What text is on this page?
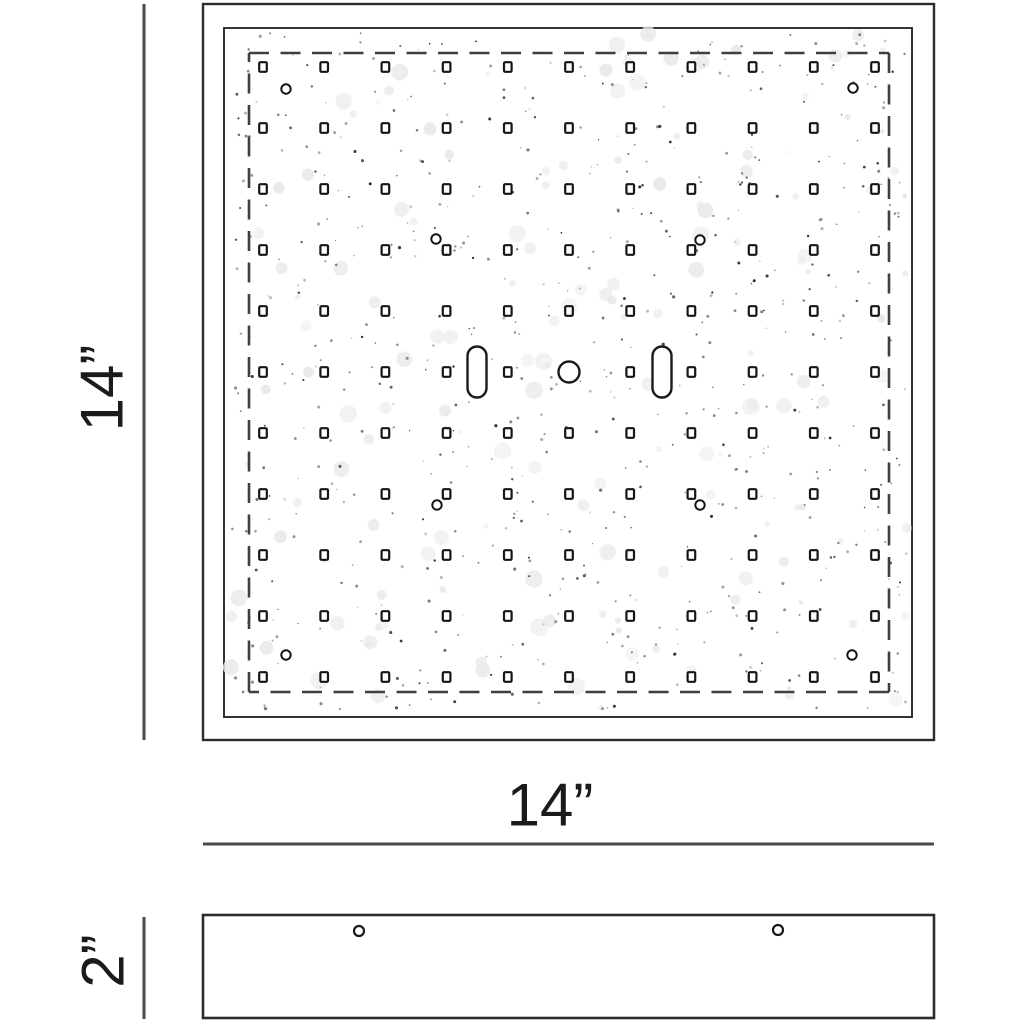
14”
14”
2”
